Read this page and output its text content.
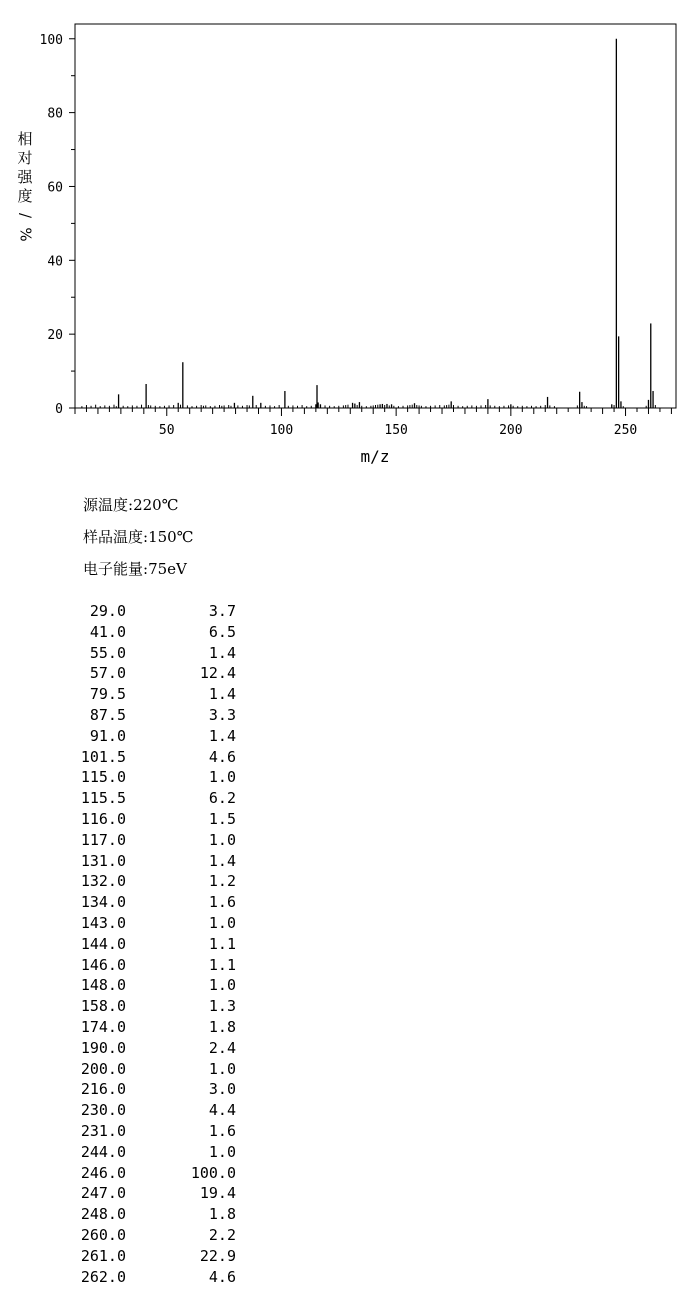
0
20
40
60
80
100
50	100	150	200	250
m/z
相
对
强
度
/
%
源温度:220℃
样品温度:150℃
电子能量:75eV
29.0	3.7
41.0	6.5
55.0	1.4
57.0	12.4
79.5	1.4
87.5	3.3
91.0	1.4
101.5	4.6
115.0	1.0
115.5	6.2
116.0	1.5
117.0	1.0
131.0	1.4
132.0	1.2
134.0	1.6
143.0	1.0
144.0	1.1
146.0	1.1
148.0	1.0
158.0	1.3
174.0	1.8
190.0	2.4
200.0	1.0
216.0	3.0
230.0	4.4
231.0	1.6
244.0	1.0
246.0	100.0
247.0	19.4
248.0	1.8
260.0	2.2
261.0	22.9
262.0	4.6
